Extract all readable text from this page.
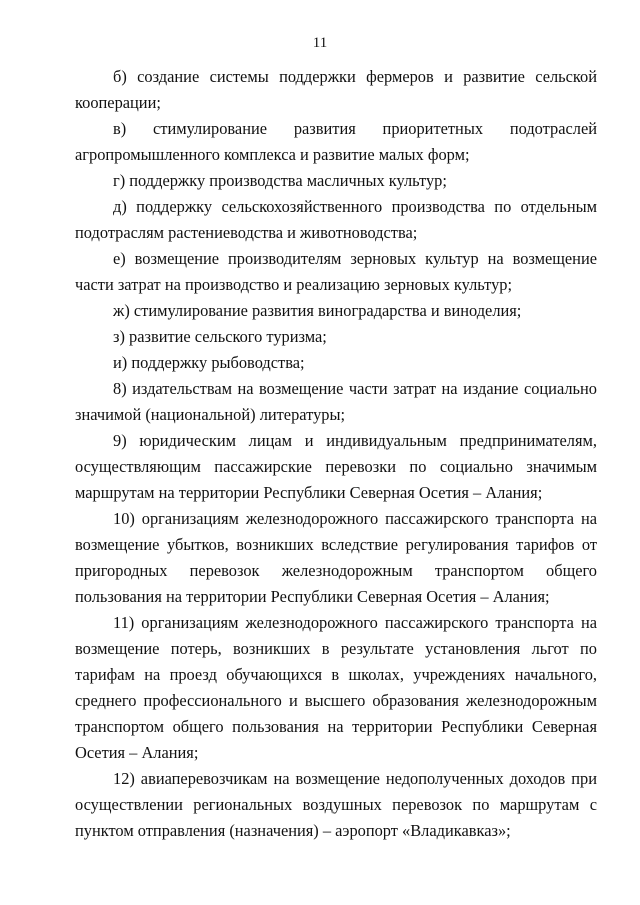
11

б) создание системы поддержки фермеров и развитие сельской кооперации;

в) стимулирование развития приоритетных подотраслей агропромышленного комплекса и развитие малых форм;

г) поддержку производства масличных культур;

д) поддержку сельскохозяйственного производства по отдельным подотраслям растениеводства и животноводства;

е) возмещение производителям зерновых культур на возмещение части затрат на производство и реализацию зерновых культур;

ж) стимулирование развития виноградарства и виноделия;

з) развитие сельского туризма;

и) поддержку рыбоводства;

8) издательствам на возмещение части затрат на издание социально значимой (национальной) литературы;

9) юридическим лицам и индивидуальным предпринимателям, осуществляющим пассажирские перевозки по социально значимым маршрутам на территории Республики Северная Осетия – Алания;

10) организациям железнодорожного пассажирского транспорта на возмещение убытков, возникших вследствие регулирования тарифов от пригородных перевозок железнодорожным транспортом общего пользования на территории Республики Северная Осетия – Алания;

11) организациям железнодорожного пассажирского транспорта на возмещение потерь, возникших в результате установления льгот по тарифам на проезд обучающихся в школах, учреждениях начального, среднего профессионального и высшего образования железнодорожным транспортом общего пользования на территории Республики Северная Осетия – Алания;

12) авиаперевозчикам на возмещение недополученных доходов при осуществлении региональных воздушных перевозок по маршрутам с пунктом отправления (назначения) – аэропорт «Владикавказ»;
